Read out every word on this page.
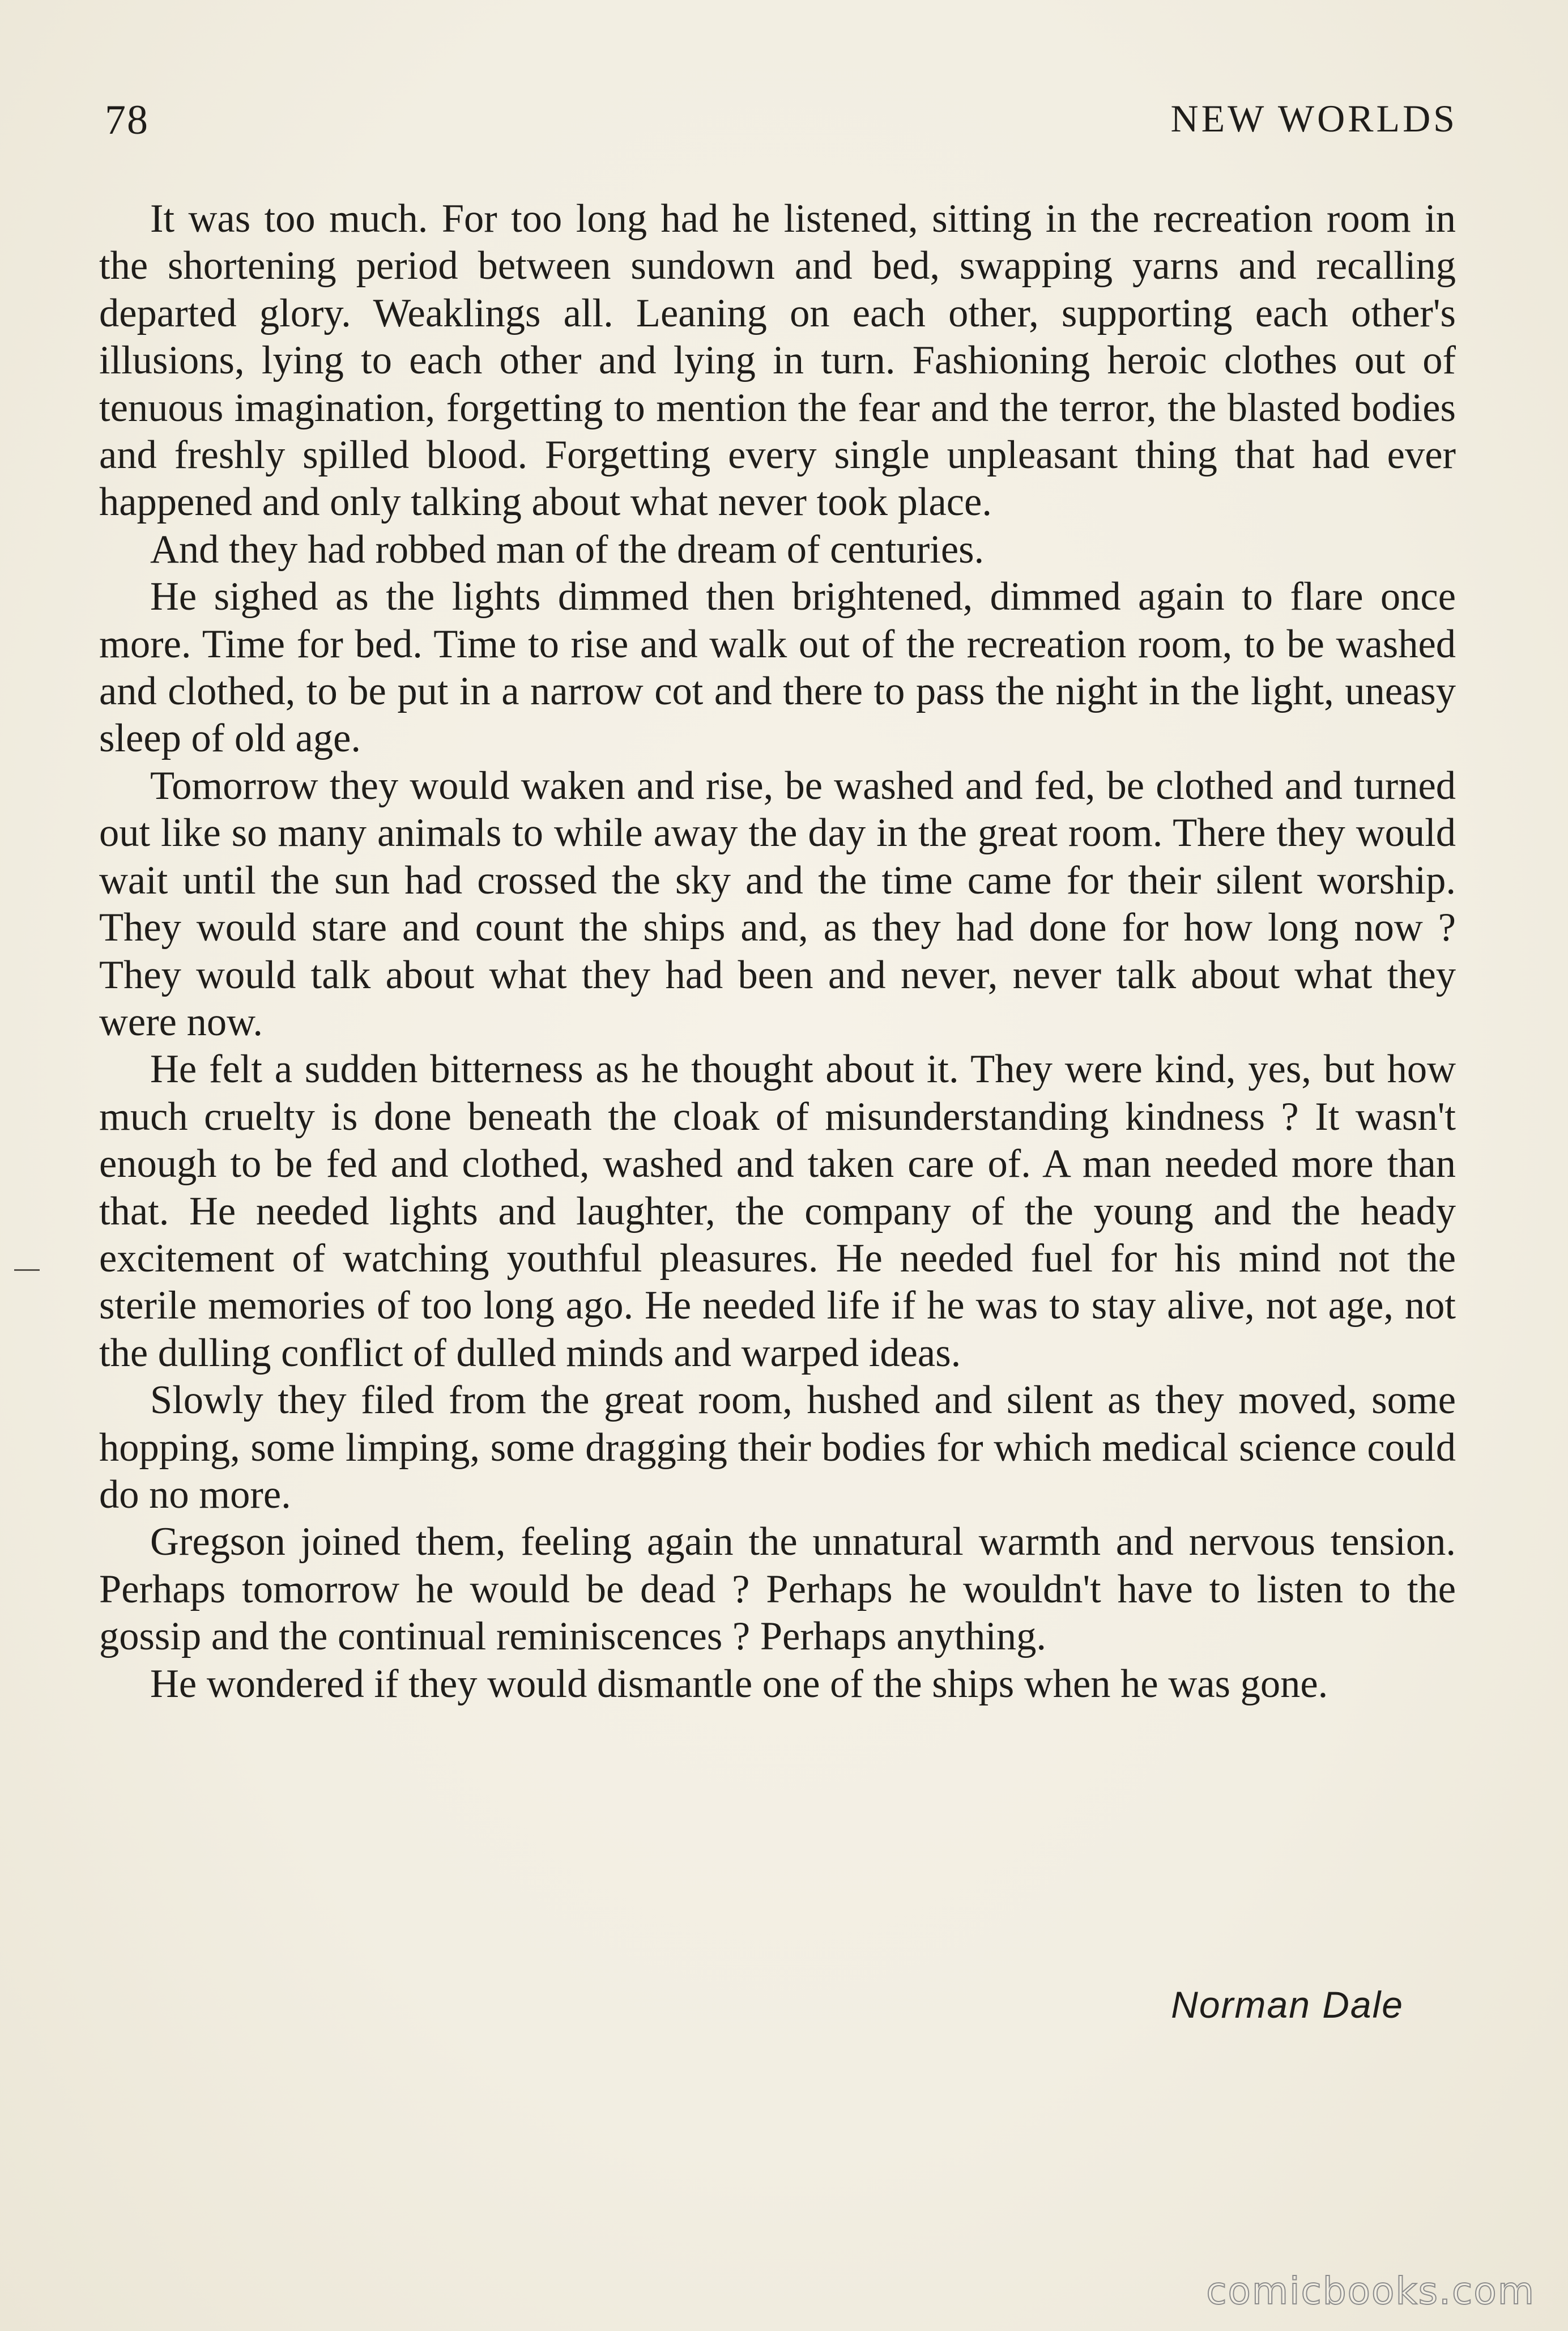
78	NEW WORLDS

It was too much. For too long had he listened, sitting in the recreation room in the shortening period between sundown and bed, swapping yarns and recalling departed glory. Weaklings all. Leaning on each other, supporting each other's illusions, lying to each other and lying in turn. Fashioning heroic clothes out of tenuous imagination, forgetting to mention the fear and the terror, the blasted bodies and freshly spilled blood. Forgetting every single unpleasant thing that had ever happened and only talking about what never took place.

And they had robbed man of the dream of centuries.

He sighed as the lights dimmed then brightened, dimmed again to flare once more. Time for bed. Time to rise and walk out of the recreation room, to be washed and clothed, to be put in a narrow cot and there to pass the night in the light, uneasy sleep of old age.

Tomorrow they would waken and rise, be washed and fed, be clothed and turned out like so many animals to while away the day in the great room. There they would wait until the sun had crossed the sky and the time came for their silent worship. They would stare and count the ships and, as they had done for how long now ? They would talk about what they had been and never, never talk about what they were now.

He felt a sudden bitterness as he thought about it. They were kind, yes, but how much cruelty is done beneath the cloak of misunderstanding kindness ? It wasn't enough to be fed and clothed, washed and taken care of. A man needed more than that. He needed lights and laughter, the company of the young and the heady excitement of watching youthful pleasures. He needed fuel for his mind not the sterile memories of too long ago. He needed life if he was to stay alive, not age, not the dulling conflict of dulled minds and warped ideas.

Slowly they filed from the great room, hushed and silent as they moved, some hopping, some limping, some dragging their bodies for which medical science could do no more.

Gregson joined them, feeling again the unnatural warmth and nervous tension. Perhaps tomorrow he would be dead ? Perhaps he wouldn't have to listen to the gossip and the continual reminiscences ? Perhaps anything.

He wondered if they would dismantle one of the ships when he was gone.

Norman Dale
comicbooks.com
